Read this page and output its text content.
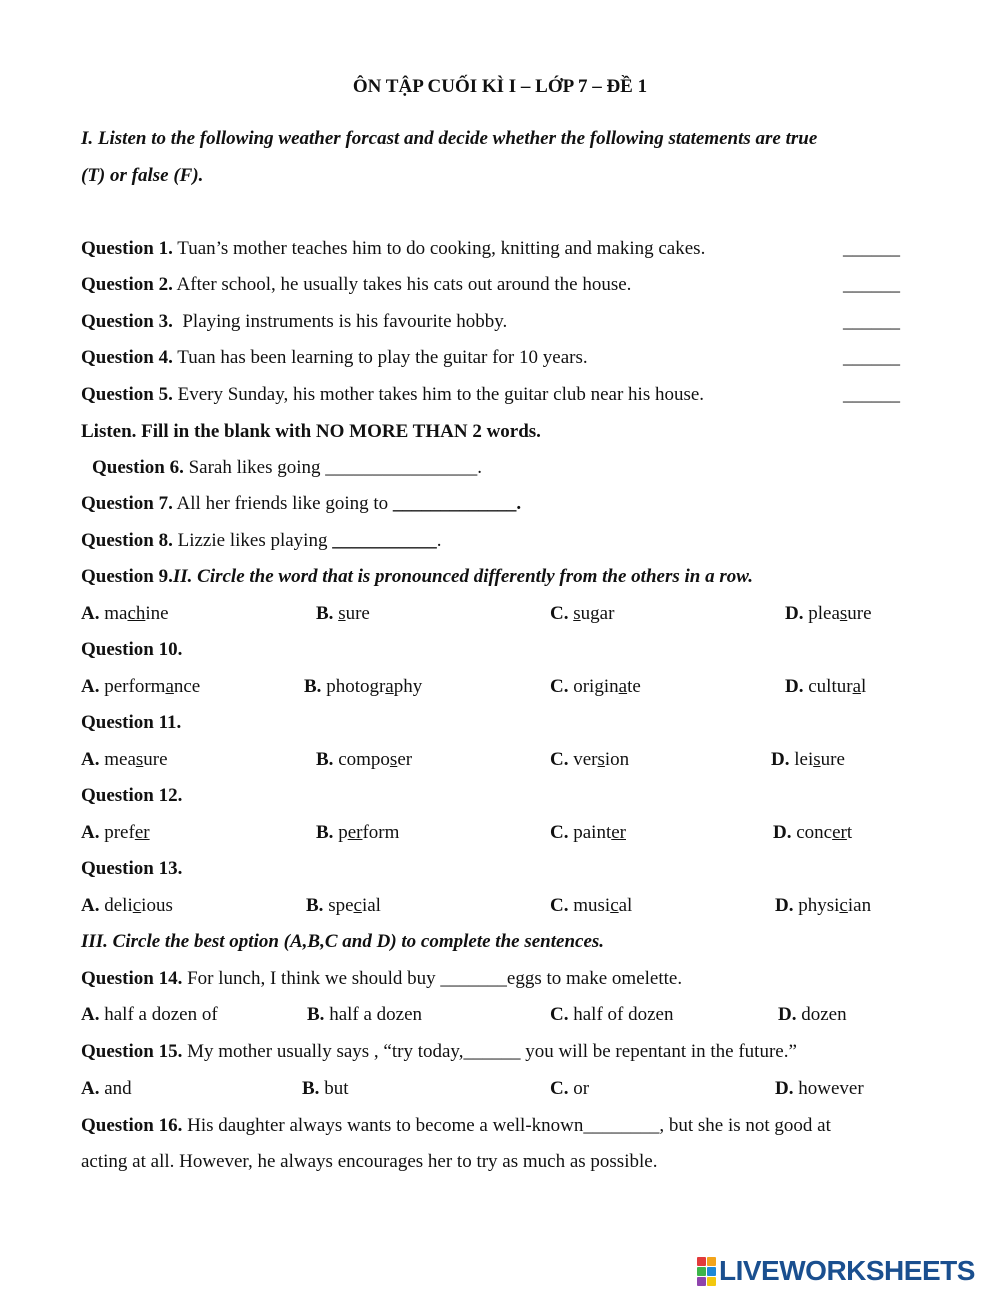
ÔN TẬP CUỐI KÌ I – LỚP 7 – ĐỀ 1
I. Listen to the following weather forcast and decide whether the following statements are true
(T) or false (F).
Question 1. Tuan’s mother teaches him to do cooking, knitting and making cakes.	______
Question 2. After school, he usually takes his cats out around the house.	______
Question 3.  Playing instruments is his favourite hobby.	______
Question 4. Tuan has been learning to play the guitar for 10 years.	______
Question 5. Every Sunday, his mother takes him to the guitar club near his house.	______
Listen. Fill in the blank with NO MORE THAN 2 words.
Question 6. Sarah likes going ________________.
Question 7. All her friends like going to _____________.
Question 8. Lizzie likes playing ___________.
Question 9.II. Circle the word that is pronounced differently from the others in a row.
A. machine	B. sure	C. sugar	D. pleasure
Question 10.
A. performance	B. photography	C. originate	D. cultural
Question 11.
A. measure	B. composer	C. version	D. leisure
Question 12.
A. prefer	B. perform	C. painter	D. concert
Question 13.
A. delicious	B. special	C. musical	D. physician
III. Circle the best option (A,B,C and D) to complete the sentences.
Question 14. For lunch, I think we should buy _______eggs to make omelette.
A. half a dozen of	B. half a dozen	C. half of dozen	D. dozen
Question 15. My mother usually says , “try today,______ you will be repentant in the future.”
A. and	B. but	C. or	D. however
Question 16. His daughter always wants to become a well-known________, but she is not good at
acting at all. However, he always encourages her to try as much as possible.
LIVEWORKSHEETS
